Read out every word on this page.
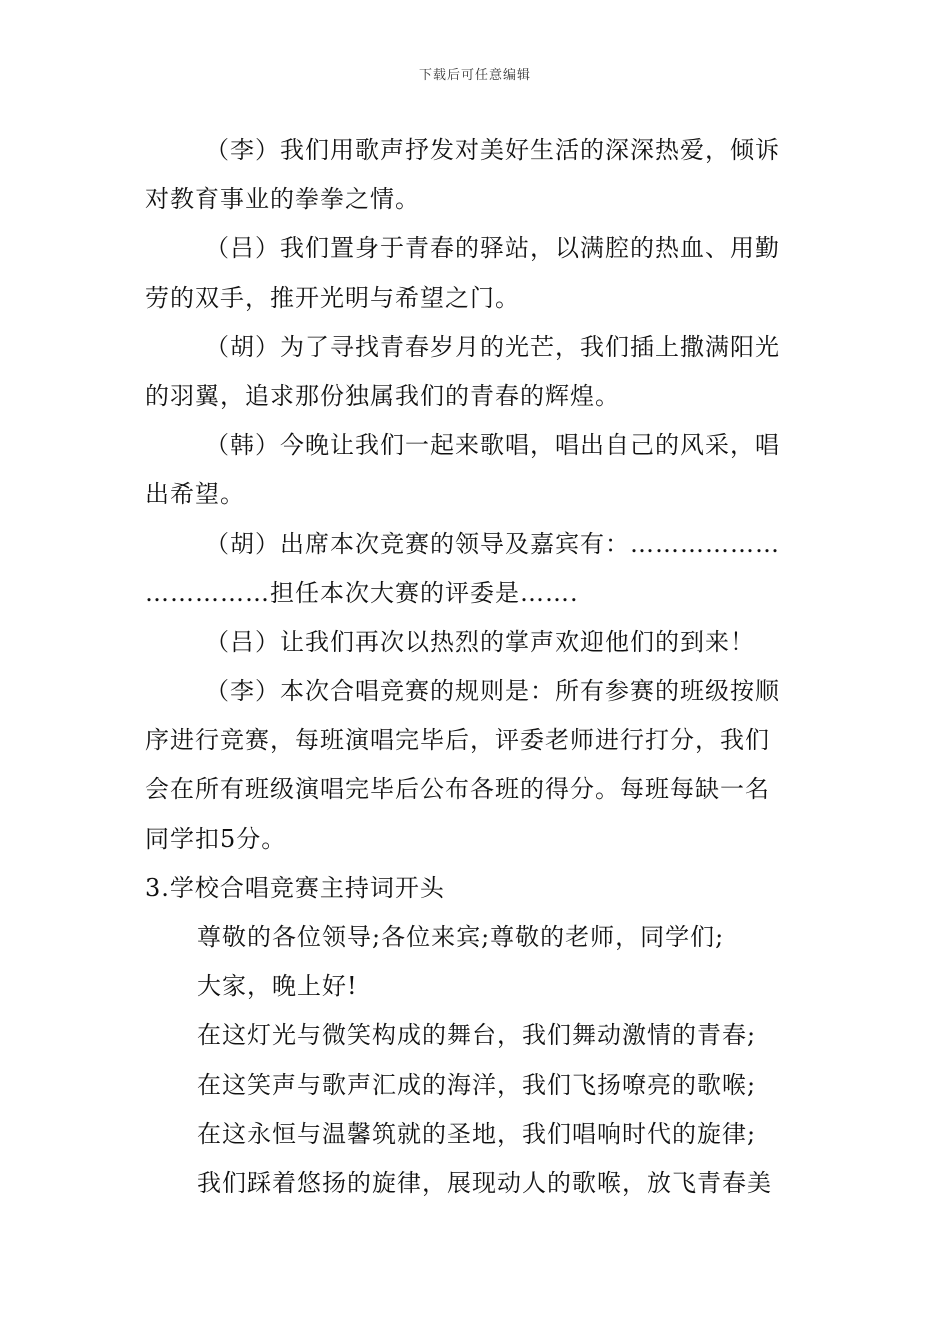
下载后可任意编辑
（李）我们用歌声抒发对美好生活的深深热爱，倾诉
对教育事业的拳拳之情。
（吕）我们置身于青春的驿站，以满腔的热血、用勤
劳的双手，推开光明与希望之门。
（胡）为了寻找青春岁月的光芒，我们插上撒满阳光
的羽翼，追求那份独属我们的青春的辉煌。
（韩）今晚让我们一起来歌唱，唱出自己的风采，唱
出希望。
（胡）出席本次竞赛的领导及嘉宾有：………………
……………担任本次大赛的评委是…….
（吕）让我们再次以热烈的掌声欢迎他们的到来！
（李）本次合唱竞赛的规则是：所有参赛的班级按顺
序进行竞赛，每班演唱完毕后，评委老师进行打分，我们
会在所有班级演唱完毕后公布各班的得分。每班每缺一名
同学扣5分。
3.学校合唱竞赛主持词开头
尊敬的各位领导;各位来宾;尊敬的老师，同学们;
大家，晚上好!
在这灯光与微笑构成的舞台，我们舞动激情的青春;
在这笑声与歌声汇成的海洋，我们飞扬嘹亮的歌喉;
在这永恒与温馨筑就的圣地，我们唱响时代的旋律;
我们踩着悠扬的旋律，展现动人的歌喉，放飞青春美
